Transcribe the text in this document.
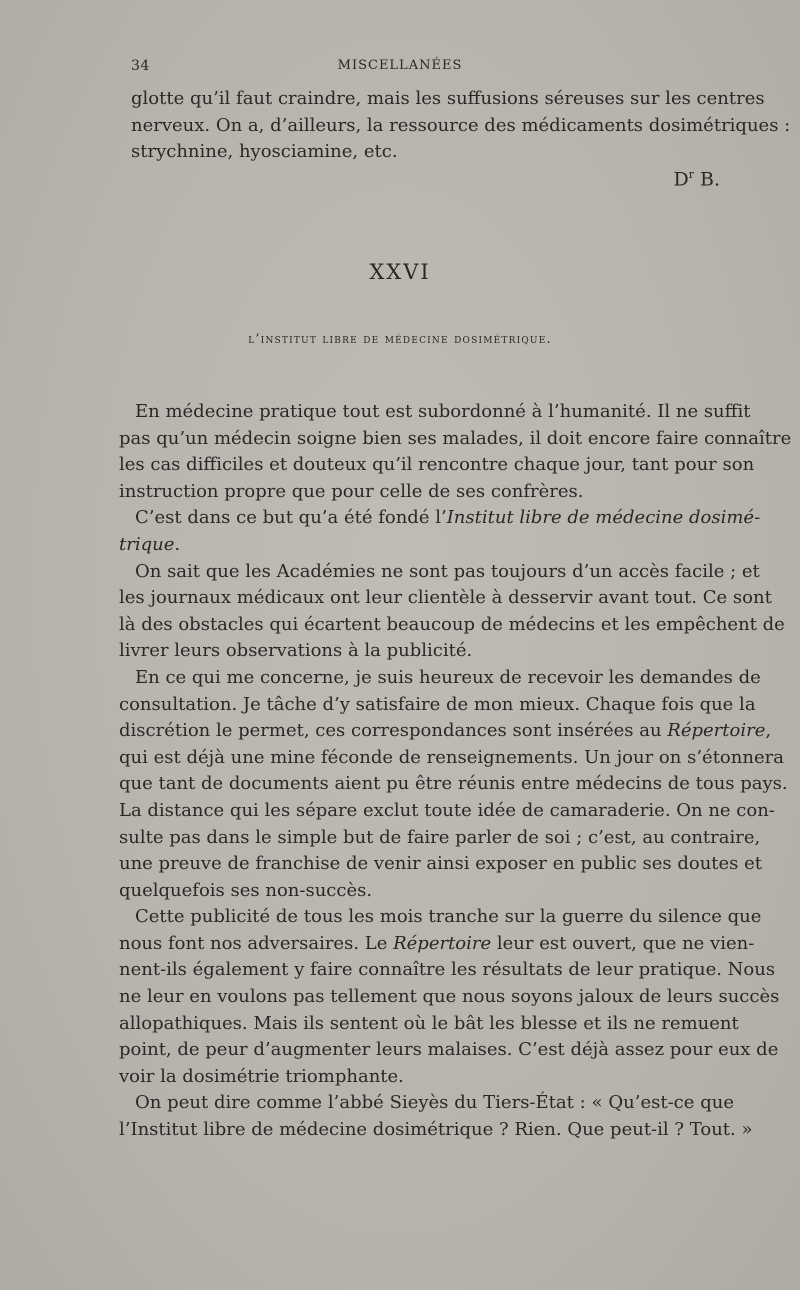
34	MISCELLANÉES
glotte qu’il faut craindre, mais les suffusions séreuses sur les centres
nerveux. On a, d’ailleurs, la ressource des médicaments dosimétriques :
strychnine, hyosciamine, etc.
$D^r$ B.
XXVI
l’institut libre de médecine dosimétrique.
En médecine pratique tout est subordonné à l’humanité. Il ne suffit
pas qu’un médecin soigne bien ses malades, il doit encore faire connaître
les cas difficiles et douteux qu’il rencontre chaque jour, tant pour son
instruction propre que pour celle de ses confrères.
C’est dans ce but qu’a été fondé l’Institut libre de médecine dosimé-
trique.
On sait que les Académies ne sont pas toujours d’un accès facile ; et
les journaux médicaux ont leur clientèle à desservir avant tout. Ce sont
là des obstacles qui écartent beaucoup de médecins et les empêchent de
livrer leurs observations à la publicité.
En ce qui me concerne, je suis heureux de recevoir les demandes de
consultation. Je tâche d’y satisfaire de mon mieux. Chaque fois que la
discrétion le permet, ces correspondances sont insérées au Répertoire,
qui est déjà une mine féconde de renseignements. Un jour on s’étonnera
que tant de documents aient pu être réunis entre médecins de tous pays.
La distance qui les sépare exclut toute idée de camaraderie. On ne con-
sulte pas dans le simple but de faire parler de soi ; c’est, au contraire,
une preuve de franchise de venir ainsi exposer en public ses doutes et
quelquefois ses non-succès.
Cette publicité de tous les mois tranche sur la guerre du silence que
nous font nos adversaires. Le Répertoire leur est ouvert, que ne vien-
nent-ils également y faire connaître les résultats de leur pratique. Nous
ne leur en voulons pas tellement que nous soyons jaloux de leurs succès
allopathiques. Mais ils sentent où le bât les blesse et ils ne remuent
point, de peur d’augmenter leurs malaises. C’est déjà assez pour eux de
voir la dosimétrie triomphante.
On peut dire comme l’abbé Sieyès du Tiers-État : « Qu’est-ce que
l’Institut libre de médecine dosimétrique ? Rien. Que peut-il ? Tout. »
